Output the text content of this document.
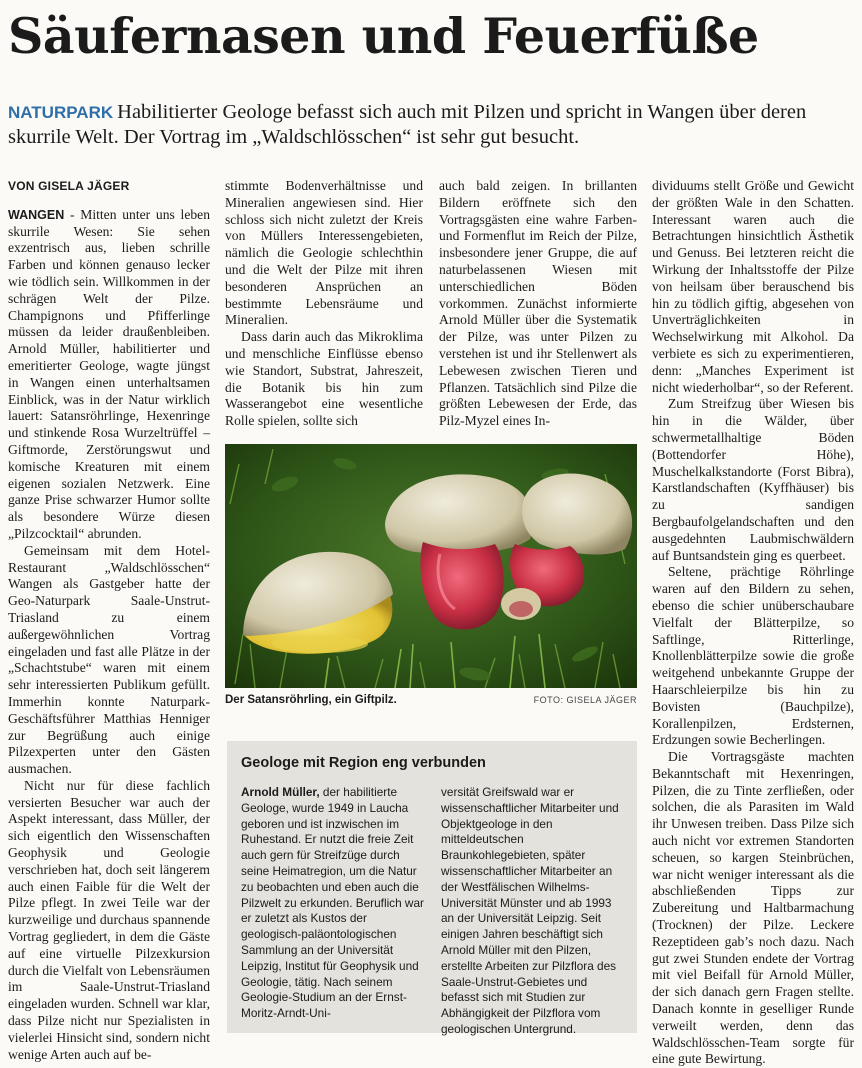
Säufernasen und Feuerfüße

NATURPARK Habilitierter Geologe befasst sich auch mit Pilzen und spricht in Wangen über deren skurrile Welt. Der Vortrag im „Waldschlösschen“ ist sehr gut besucht.

VON GISELA JÄGER

WANGEN - Mitten unter uns leben skurrile Wesen: Sie sehen exzentrisch aus, lieben schrille Farben und können genauso lecker wie tödlich sein. Willkommen in der schrägen Welt der Pilze. Champignons und Pfifferlinge müssen da leider draußenbleiben. Arnold Müller, habilitierter und emeritierter Geologe, wagte jüngst in Wangen einen unterhaltsamen Einblick, was in der Natur wirklich lauert: Satansröhrlinge, Hexenringe und stinkende Rosa Wurzeltrüffel – Giftmorde, Zerstörungswut und komische Kreaturen mit einem eigenen sozialen Netzwerk. Eine ganze Prise schwarzer Humor sollte als besondere Würze diesen „Pilzcocktail“ abrunden.

Gemeinsam mit dem Hotel-Restaurant „Waldschlösschen“ Wangen als Gastgeber hatte der Geo-Naturpark Saale-Unstrut-Triasland zu einem außergewöhnlichen Vortrag eingeladen und fast alle Plätze in der „Schachtstube“ waren mit einem sehr interessierten Publikum gefüllt. Immerhin konnte Naturpark-Geschäftsführer Matthias Henniger zur Begrüßung auch einige Pilzexperten unter den Gästen ausmachen.

Nicht nur für diese fachlich versierten Besucher war auch der Aspekt interessant, dass Müller, der sich eigentlich den Wissenschaften Geophysik und Geologie verschrieben hat, doch seit längerem auch einen Faible für die Welt der Pilze pflegt. In zwei Teile war der kurzweilige und durchaus spannende Vortrag gegliedert, in dem die Gäste auf eine virtuelle Pilzexkursion durch die Vielfalt von Lebensräumen im Saale-Unstrut-Triasland eingeladen wurden. Schnell war klar, dass Pilze nicht nur Spezialisten in vielerlei Hinsicht sind, sondern nicht wenige Arten auch auf be-

stimmte Bodenverhältnisse und Mineralien angewiesen sind. Hier schloss sich nicht zuletzt der Kreis von Müllers Interessengebieten, nämlich die Geologie schlechthin und die Welt der Pilze mit ihren besonderen Ansprüchen an bestimmte Lebensräume und Mineralien.

Dass darin auch das Mikroklima und menschliche Einflüsse ebenso wie Standort, Substrat, Jahreszeit, die Botanik bis hin zum Wasserangebot eine wesentliche Rolle spielen, sollte sich

auch bald zeigen. In brillanten Bildern eröffnete sich den Vortragsgästen eine wahre Farben- und Formenflut im Reich der Pilze, insbesondere jener Gruppe, die auf naturbelassenen Wiesen mit unterschiedlichen Böden vorkommen. Zunächst informierte Arnold Müller über die Systematik der Pilze, was unter Pilzen zu verstehen ist und ihr Stellenwert als Lebewesen zwischen Tieren und Pflanzen. Tatsächlich sind Pilze die größten Lebewesen der Erde, das Pilz-Myzel eines In-

dividuums stellt Größe und Gewicht der größten Wale in den Schatten. Interessant waren auch die Betrachtungen hinsichtlich Ästhetik und Genuss. Bei letzteren reicht die Wirkung der Inhaltsstoffe der Pilze von heilsam über berauschend bis hin zu tödlich giftig, abgesehen von Unverträglichkeiten in Wechselwirkung mit Alkohol. Da verbiete es sich zu experimentieren, denn: „Manches Experiment ist nicht wiederholbar“, so der Referent.

Zum Streifzug über Wiesen bis hin in die Wälder, über schwermetallhaltige Böden (Bottendorfer Höhe), Muschelkalkstandorte (Forst Bibra), Karstlandschaften (Kyffhäuser) bis zu sandigen Bergbaufolgelandschaften und den ausgedehnten Laubmischwäldern auf Buntsandstein ging es querbeet.

Seltene, prächtige Röhrlinge waren auf den Bildern zu sehen, ebenso die schier unüberschaubare Vielfalt der Blätterpilze, so Saftlinge, Ritterlinge, Knollenblätterpilze sowie die große weitgehend unbekannte Gruppe der Haarschleierpilze bis hin zu Bovisten (Bauchpilze), Korallenpilzen, Erdsternen, Erdzungen sowie Becherlingen.

Die Vortragsgäste machten Bekanntschaft mit Hexenringen, Pilzen, die zu Tinte zerfließen, oder solchen, die als Parasiten im Wald ihr Unwesen treiben. Dass Pilze sich auch nicht vor extremen Standorten scheuen, so kargen Steinbrüchen, war nicht weniger interessant als die abschließenden Tipps zur Zubereitung und Haltbarmachung (Trocknen) der Pilze. Leckere Rezeptideen gab’s noch dazu. Nach gut zwei Stunden endete der Vortrag mit viel Beifall für Arnold Müller, der sich danach gern Fragen stellte. Danach konnte in geselliger Runde verweilt werden, denn das Waldschlösschen-Team sorgte für eine gute Bewirtung.

Der Satansröhrling, ein Giftpilz.	FOTO: GISELA JÄGER
Geologe mit Region eng verbunden

Arnold Müller, der habilitierte Geologe, wurde 1949 in Laucha geboren und ist inzwischen im Ruhestand. Er nutzt die freie Zeit auch gern für Streifzüge durch seine Heimatregion, um die Natur zu beobachten und eben auch die Pilzwelt zu erkunden. Beruflich war er zuletzt als Kustos der geologisch-paläontologischen Sammlung an der Universität Leipzig, Institut für Geophysik und Geologie, tätig. Nach seinem Geologie-Studium an der Ernst-Moritz-Arndt-Uni-

versität Greifswald war er wissenschaftlicher Mitarbeiter und Objektgeologe in den mitteldeutschen Braunkohlegebieten, später wissenschaftlicher Mitarbeiter an der Westfälischen Wilhelms-Universität Münster und ab 1993 an der Universität Leipzig. Seit einigen Jahren beschäftigt sich Arnold Müller mit den Pilzen, erstellte Arbeiten zur Pilzflora des Saale-Unstrut-Gebietes und befasst sich mit Studien zur Abhängigkeit der Pilzflora vom geologischen Untergrund.
